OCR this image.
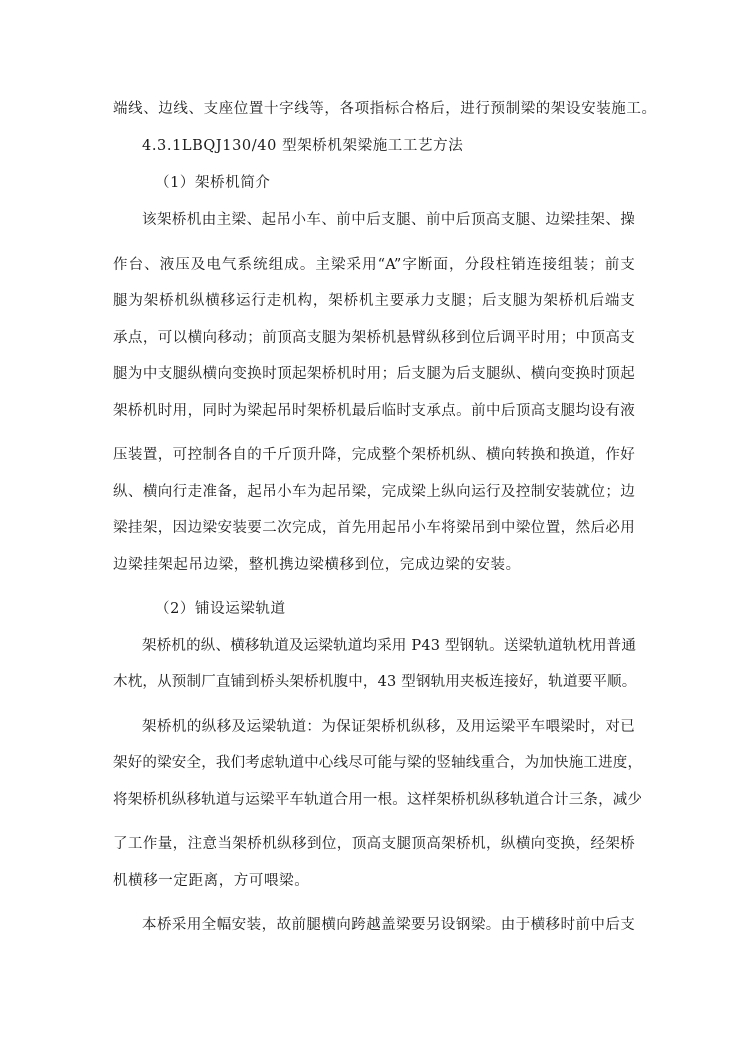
端线、边线、支座位置十字线等，各项指标合格后，进行预制梁的架设安装施工。
4.3.1LBQJ130/40 型架桥机架梁施工工艺方法
（1）架桥机简介
该架桥机由主梁、起吊小车、前中后支腿、前中后顶高支腿、边梁挂架、操
作台、液压及电气系统组成。主梁采用“A”字断面，分段柱销连接组装；前支
腿为架桥机纵横移运行走机构，架桥机主要承力支腿；后支腿为架桥机后端支
承点，可以横向移动；前顶高支腿为架桥机悬臂纵移到位后调平时用；中顶高支
腿为中支腿纵横向变换时顶起架桥机时用；后支腿为后支腿纵、横向变换时顶起
架桥机时用，同时为梁起吊时架桥机最后临时支承点。前中后顶高支腿均设有液
压装置，可控制各自的千斤顶升降，完成整个架桥机纵、横向转换和换道，作好
纵、横向行走准备，起吊小车为起吊梁，完成梁上纵向运行及控制安装就位；边
梁挂架，因边梁安装要二次完成，首先用起吊小车将梁吊到中梁位置，然后必用
边梁挂架起吊边梁，整机携边梁横移到位，完成边梁的安装。
（2）铺设运梁轨道
架桥机的纵、横移轨道及运梁轨道均采用 P43 型钢轨。送梁轨道轨枕用普通
木枕，从预制厂直铺到桥头架桥机腹中，43 型钢轨用夹板连接好，轨道要平顺。
架桥机的纵移及运梁轨道：为保证架桥机纵移，及用运梁平车喂梁时，对已
架好的梁安全，我们考虑轨道中心线尽可能与梁的竖轴线重合，为加快施工进度，
将架桥机纵移轨道与运梁平车轨道合用一根。这样架桥机纵移轨道合计三条，减少
了工作量，注意当架桥机纵移到位，顶高支腿顶高架桥机，纵横向变换，经架桥
机横移一定距离，方可喂梁。
本桥采用全幅安装，故前腿横向跨越盖梁要另设钢梁。由于横移时前中后支
